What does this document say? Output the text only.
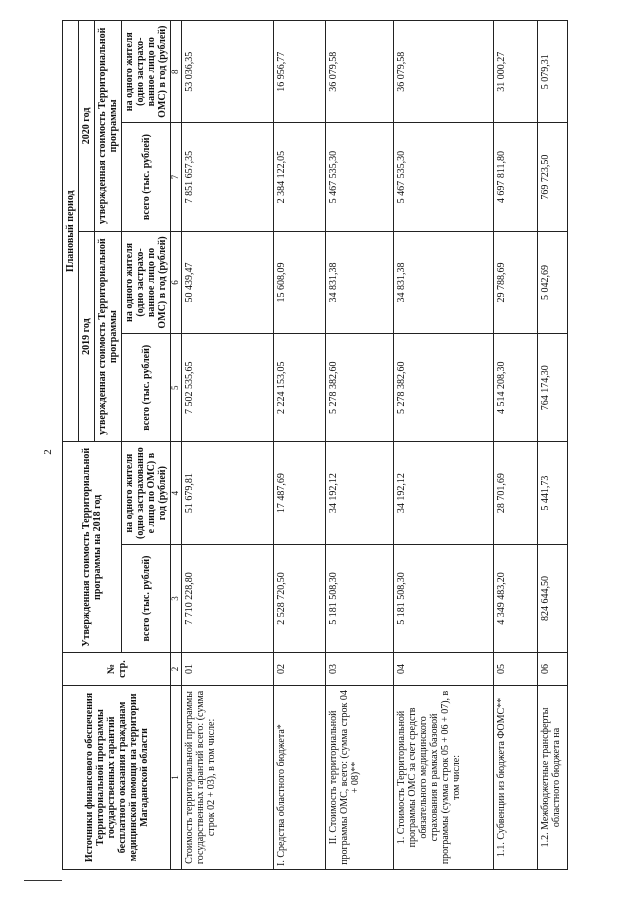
2
Источники финансового обеспечения Территориальной программы государственных гарантий бесплатного оказания гражданам медицинской помощи на территории Магаданской области	№ стр.	Утвержденная стоимость Территориальной программы на 2018 год		Плановый период			
				2019 год		2020 год	
				утвержденная стоимость Территориальной программы		утвержденная стоимость Территориальной программы	
		всего (тыс. рублей)	на одного жителя (одно застрахованно е лицо по ОМС) в год (рублей)	всего (тыс. рублей)	на одного жителя (одно застрахо-ванное лицо по ОМС) в год (рублей)	всего (тыс. рублей)	на одного жителя (одно застрахо-ванное лицо по ОМС) в год (рублей)
1	2	3	4	5	6	7	8
Стоимость территориальной программы государственных гарантий всего: (сумма строк 02 + 03), в том числе:	01	7 710 228,80	51 679,81	7 502 535,65	50 439,47	7 851 657,35	53 036,35
I. Средства областного бюджета*	02	2 528 720,50	17 487,69	2 224 153,05	15 608,09	2 384 122,05	16 956,77
II. Стоимость территориальной программы ОМС, всего: (сумма строк 04 + 08)**	03	5 181 508,30	34 192,12	5 278 382,60	34 831,38	5 467 535,30	36 079,58
1. Стоимость Территориальной программы ОМС за счет средств обязательного медицинского страхования в рамках базовой программы (сумма строк 05 + 06 + 07), в том числе:	04	5 181 508,30	34 192,12	5 278 382,60	34 831,38	5 467 535,30	36 079,58
1.1. Субвенции из бюджета ФОМС**	05	4 349 483,20	28 701,69	4 514 208,30	29 788,69	4 697 811,80	31 000,27
1.2. Межбюджетные трансферты областного бюджета на	06	824 644,50	5 441,73	764 174,30	5 042,69	769 723,50	5 079,31
